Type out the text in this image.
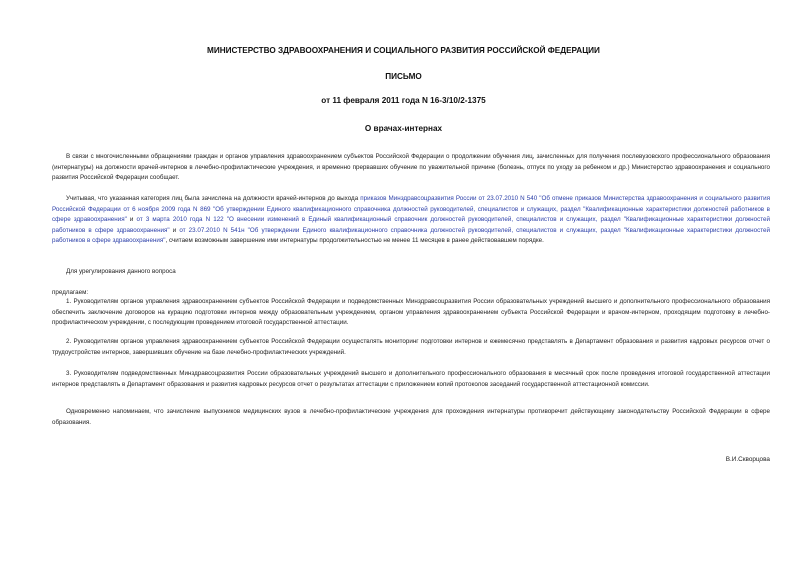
МИНИСТЕРСТВО ЗДРАВООХРАНЕНИЯ И СОЦИАЛЬНОГО РАЗВИТИЯ РОССИЙСКОЙ ФЕДЕРАЦИИ
ПИСЬМО
от 11 февраля 2011 года N 16-3/10/2-1375
О врачах-интернах

В связи с многочисленными обращениями граждан и органов управления здравоохранением субъектов Российской Федерации о продолжении обучения лиц, зачисленных для получения послевузовского профессионального образования (интернатуры) на должности врачей-интернов в лечебно-профилактические учреждения, и временно прервавших обучение по уважительной причине (болезнь, отпуск по уходу за ребенком и др.) Министерство здравоохранения и социального развития Российской Федерации сообщает.

Учитывая, что указанная категория лиц была зачислена на должности врачей-интернов до выхода приказов Минздравсоцразвития России от 23.07.2010 N 540 "Об отмене приказов Министерства здравоохранения и социального развития Российской Федерации от 6 ноября 2009 года N 869 "Об утверждении Единого квалификационного справочника должностей руководителей, специалистов и служащих, раздел "Квалификационные характеристики должностей работников в сфере здравоохранения" и от 3 марта 2010 года N 122 "О внесении изменений в Единый квалификационный справочник должностей руководителей, специалистов и служащих, раздел "Квалификационные характеристики должностей работников в сфере здравоохранения" и от 23.07.2010 N 541н "Об утверждении Единого квалификационного справочника должностей руководителей, специалистов и служащих, раздел "Квалификационные характеристики должностей работников в сфере здравоохранения", считаем возможным завершение ими интернатуры продолжительностью не менее 11 месяцев в ранее действовавшем порядке.

Для урегулирования данного вопроса

предлагаем:

1. Руководителям органов управления здравоохранением субъектов Российской Федерации и подведомственных Минздравсоцразвития России образовательных учреждений высшего и дополнительного профессионального образования обеспечить заключение договоров на курацию подготовки интернов между образовательным учреждением, органом управления здравоохранением субъекта Российской Федерации и врачом-интерном, проходящим подготовку в лечебно-профилактическом учреждении, с последующим проведением итоговой государственной аттестации.

2. Руководителям органов управления здравоохранением субъектов Российской Федерации осуществлять мониторинг подготовки интернов и ежемесячно представлять в Департамент образования и развития кадровых ресурсов отчет о трудоустройстве интернов, завершивших обучение на базе лечебно-профилактических учреждений.

3. Руководителям подведомственных Минздравсоцразвития России образовательных учреждений высшего и дополнительного профессионального образования в месячный срок после проведения итоговой государственной аттестации интернов представлять в Департамент образования и развития кадровых ресурсов отчет о результатах аттестации с приложением копий протоколов заседаний государственной аттестационной комиссии.

Одновременно напоминаем, что зачисление выпускников медицинских вузов в лечебно-профилактические учреждения для прохождения интернатуры противоречит действующему законодательству Российской Федерации в сфере образования.

В.И.Скворцова
